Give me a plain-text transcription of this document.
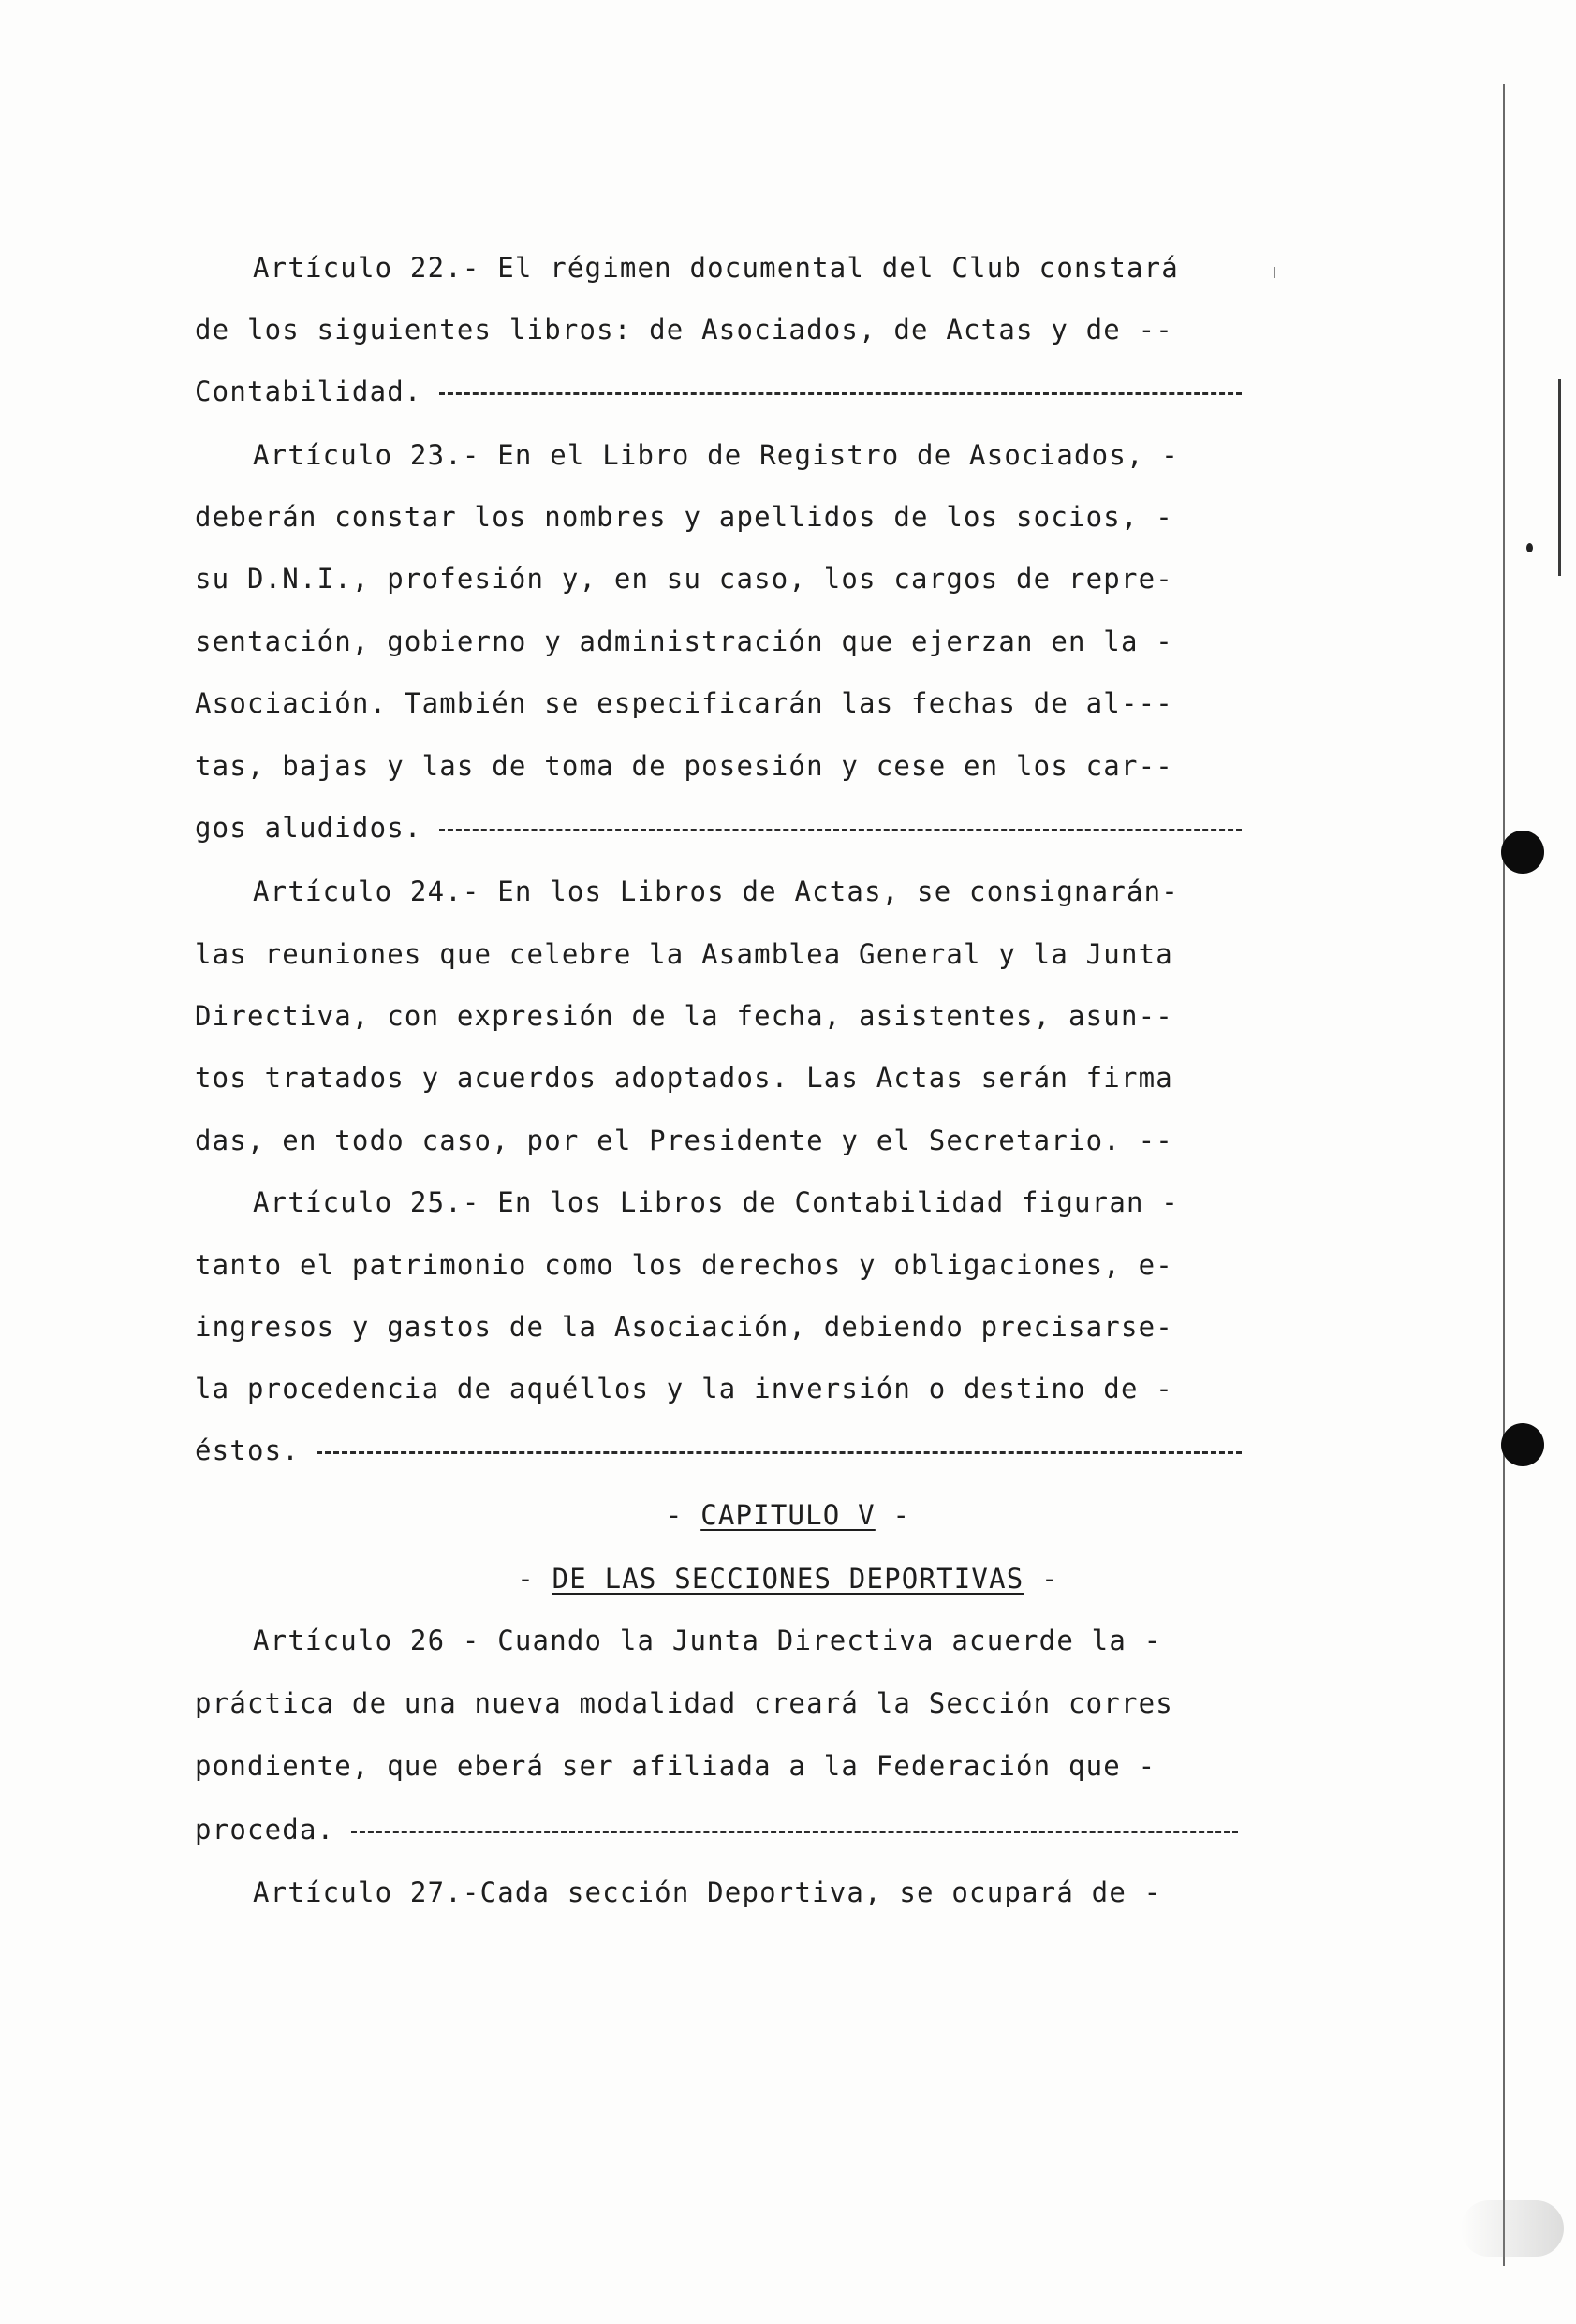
Artículo 22.- El régimen documental del Club constará
de los siguientes libros: de Asociados, de Actas y de --
Contabilidad.
Artículo 23.- En el Libro de Registro de Asociados, -
deberán constar los nombres y apellidos de los socios, -
su D.N.I., profesión y, en su caso, los cargos de repre-
sentación, gobierno y administración que ejerzan en la -
Asociación. También se especificarán las fechas de al---
tas, bajas y las de toma de posesión y cese en los car--
gos aludidos.
Artículo 24.- En los Libros de Actas, se consignarán-
las reuniones que celebre la Asamblea General y la Junta
Directiva, con expresión de la fecha, asistentes, asun--
tos tratados y acuerdos adoptados. Las Actas serán firma
das, en todo caso, por el Presidente y el Secretario. --
Artículo 25.- En los Libros de Contabilidad figuran -
tanto el patrimonio como los derechos y obligaciones, e-
ingresos y gastos de la Asociación, debiendo precisarse-
la procedencia de aquéllos y la inversión o destino de -
éstos.
- CAPITULO V -
- DE LAS SECCIONES DEPORTIVAS -
Artículo 26 - Cuando la Junta Directiva acuerde la -
práctica de una nueva modalidad creará la Sección corres
pondiente, que eberá ser afiliada a la Federación que -
proceda.
Artículo 27.-Cada sección Deportiva, se ocupará de -
